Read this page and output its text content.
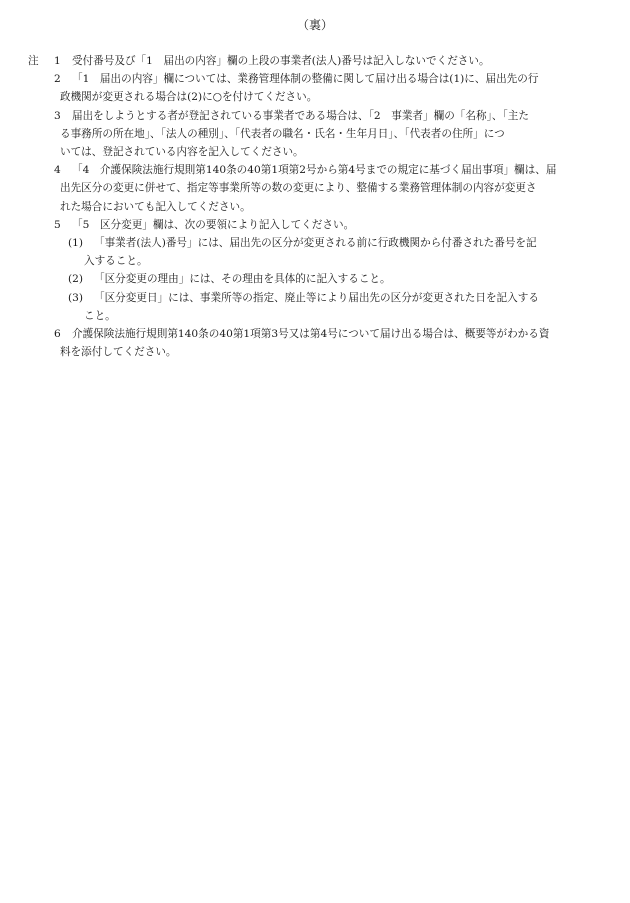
（裏）
注 1	受付番号及び「1　届出の内容」欄の上段の事業者(法人)番号は記入しないでください。
2	「1　届出の内容」欄については、業務管理体制の整備に関して届け出る場合は(1)に、届出先の行
政機関が変更される場合は(2)に○を付けてください。
3	届出をしようとする者が登記されている事業者である場合は、「2　事業者」欄の「名称」、「主た
る事務所の所在地」、「法人の種別」、「代表者の職名・氏名・生年月日」、「代表者の住所」につ
いては、登記されている内容を記入してください。
4	「4　介護保険法施行規則第140条の40第1項第2号から第4号までの規定に基づく届出事項」欄は、届
出先区分の変更に併せて、指定等事業所等の数の変更により、整備する業務管理体制の内容が変更さ
れた場合においても記入してください。
5	「5　区分変更」欄は、次の要領により記入してください。
(1)	「事業者(法人)番号」には、届出先の区分が変更される前に行政機関から付番された番号を記
入すること。
(2)	「区分変更の理由」には、その理由を具体的に記入すること。
(3)	「区分変更日」には、事業所等の指定、廃止等により届出先の区分が変更された日を記入する
こと。
6	介護保険法施行規則第140条の40第1項第3号又は第4号について届け出る場合は、概要等がわかる資
料を添付してください。
